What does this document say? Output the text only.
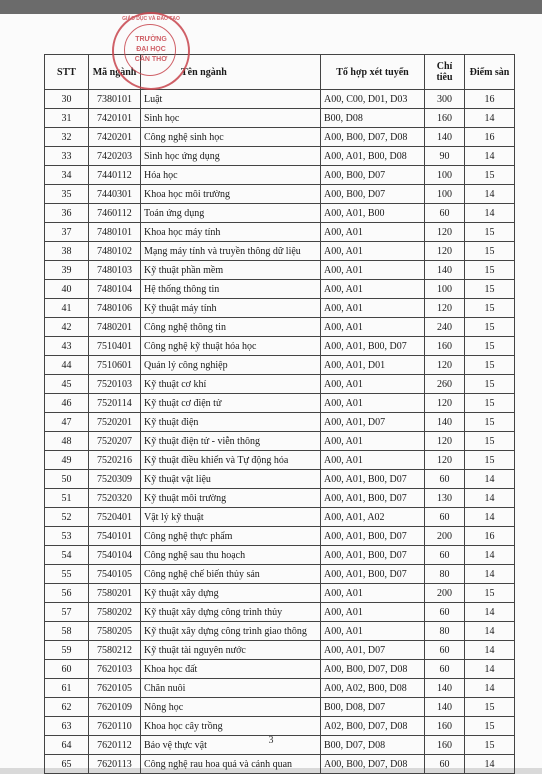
STT	Mã ngành	Tên ngành	Tổ hợp xét tuyển	Chỉ tiêu	Điểm sàn
30	7380101	Luật	A00, C00, D01, D03	300	16
31	7420101	Sinh học	B00, D08	160	14
32	7420201	Công nghệ sinh học	A00, B00, D07, D08	140	16
33	7420203	Sinh học ứng dụng	A00, A01, B00, D08	90	14
34	7440112	Hóa học	A00, B00, D07	100	15
35	7440301	Khoa học môi trường	A00, B00, D07	100	14
36	7460112	Toán ứng dụng	A00, A01, B00	60	14
37	7480101	Khoa học máy tính	A00, A01	120	15
38	7480102	Mạng máy tính và truyền thông dữ liệu	A00, A01	120	15
39	7480103	Kỹ thuật phần mềm	A00, A01	140	15
40	7480104	Hệ thống thông tin	A00, A01	100	15
41	7480106	Kỹ thuật máy tính	A00, A01	120	15
42	7480201	Công nghệ thông tin	A00, A01	240	15
43	7510401	Công nghệ kỹ thuật hóa học	A00, A01, B00, D07	160	15
44	7510601	Quản lý công nghiệp	A00, A01, D01	120	15
45	7520103	Kỹ thuật cơ khí	A00, A01	260	15
46	7520114	Kỹ thuật cơ điện tử	A00, A01	120	15
47	7520201	Kỹ thuật điện	A00, A01, D07	140	15
48	7520207	Kỹ thuật điện tử - viễn thông	A00, A01	120	15
49	7520216	Kỹ thuật điều khiển và Tự động hóa	A00, A01	120	15
50	7520309	Kỹ thuật vật liệu	A00, A01, B00, D07	60	14
51	7520320	Kỹ thuật môi trường	A00, A01, B00, D07	130	14
52	7520401	Vật lý kỹ thuật	A00, A01, A02	60	14
53	7540101	Công nghệ thực phẩm	A00, A01, B00, D07	200	16
54	7540104	Công nghệ sau thu hoạch	A00, A01, B00, D07	60	14
55	7540105	Công nghệ chế biến thủy sản	A00, A01, B00, D07	80	14
56	7580201	Kỹ thuật xây dựng	A00, A01	200	15
57	7580202	Kỹ thuật xây dựng công trình thủy	A00, A01	60	14
58	7580205	Kỹ thuật xây dựng công trình giao thông	A00, A01	80	14
59	7580212	Kỹ thuật tài nguyên nước	A00, A01, D07	60	14
60	7620103	Khoa học đất	A00, B00, D07, D08	60	14
61	7620105	Chăn nuôi	A00, A02, B00, D08	140	14
62	7620109	Nông học	B00, D08, D07	140	15
63	7620110	Khoa học cây trồng	A02, B00, D07, D08	160	15
64	7620112	Bảo vệ thực vật	B00, D07, D08	160	15
65	7620113	Công nghệ rau hoa quả và cảnh quan	A00, B00, D07, D08	60	14
GIÁO DỤC VÀ ĐÀO TẠO
TRƯỜNG
ĐẠI HỌC
CẦN THƠ
3
